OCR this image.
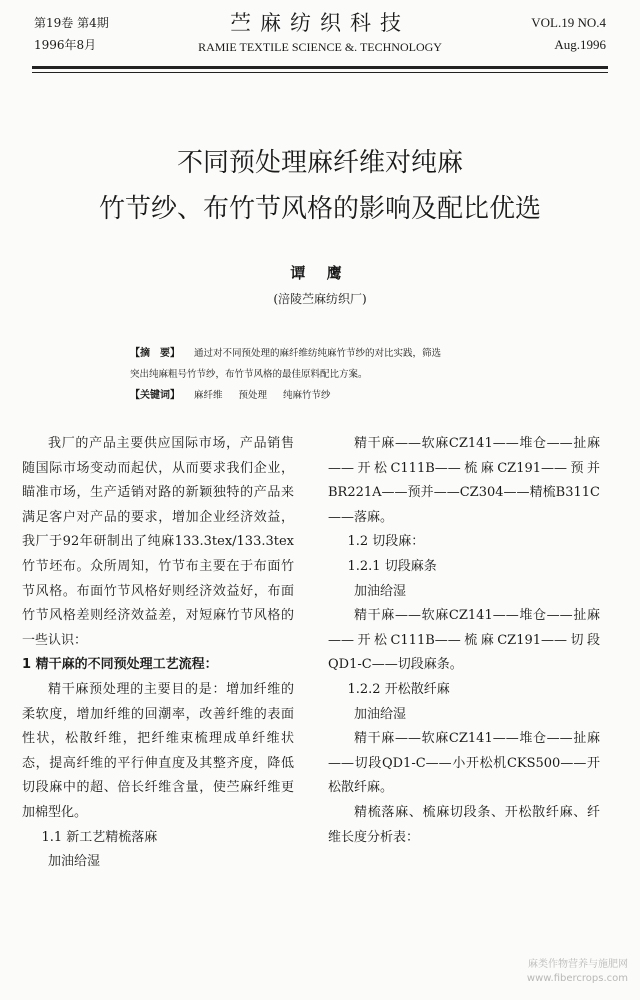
第19卷 第4期
1996年8月
苎麻纺织科技
RAMIE TEXTILE SCIENCE &. TECHNOLOGY
VOL.19 NO.4
Aug.1996
不同预处理麻纤维对纯麻
竹节纱、布竹节风格的影响及配比优选
谭 鹰
(涪陵苎麻纺织厂)
【摘　要】 通过对不同预处理的麻纤维纺纯麻竹节纱的对比实践，筛选
突出纯麻粗号竹节纱，布竹节风格的最佳原料配比方案。
【关键词】 麻纤维 预处理 纯麻竹节纱

我厂的产品主要供应国际市场，产品销售随国际市场变动而起伏，从而要求我们企业，瞄准市场，生产适销对路的新颖独特的产品来满足客户对产品的要求，增加企业经济效益，我厂于92年研制出了纯麻133.3tex/133.3tex竹节坯布。众所周知，竹节布主要在于布面竹节风格。布面竹节风格好则经济效益好，布面竹节风格差则经济效益差，对短麻竹节风格的一些认识：

1 精干麻的不同预处理工艺流程：

精干麻预处理的主要目的是：增加纤维的柔软度，增加纤维的回潮率，改善纤维的表面性状，松散纤维，把纤维束梳理成单纤维状态，提高纤维的平行伸直度及其整齐度，降低切段麻中的超、倍长纤维含量，使苎麻纤维更加棉型化。

1.1 新工艺精梳落麻

加油给湿

精干麻——软麻CZ141——堆仓——扯麻——开松C111B——梳麻CZ191——预并BR221A——预并——CZ304——精梳B311C——落麻。

1.2 切段麻：

1.2.1 切段麻条

加油给湿

精干麻——软麻CZ141——堆仓——扯麻——开松C111B——梳麻CZ191——切段QD1-C——切段麻条。

1.2.2 开松散纤麻

加油给湿

精干麻——软麻CZ141——堆仓——扯麻——切段QD1-C——小开松机CKS500——开松散纤麻。

精梳落麻、梳麻切段条、开松散纤麻、纤维长度分析表：

麻类作物营养与施肥网
www.fibercrops.com
